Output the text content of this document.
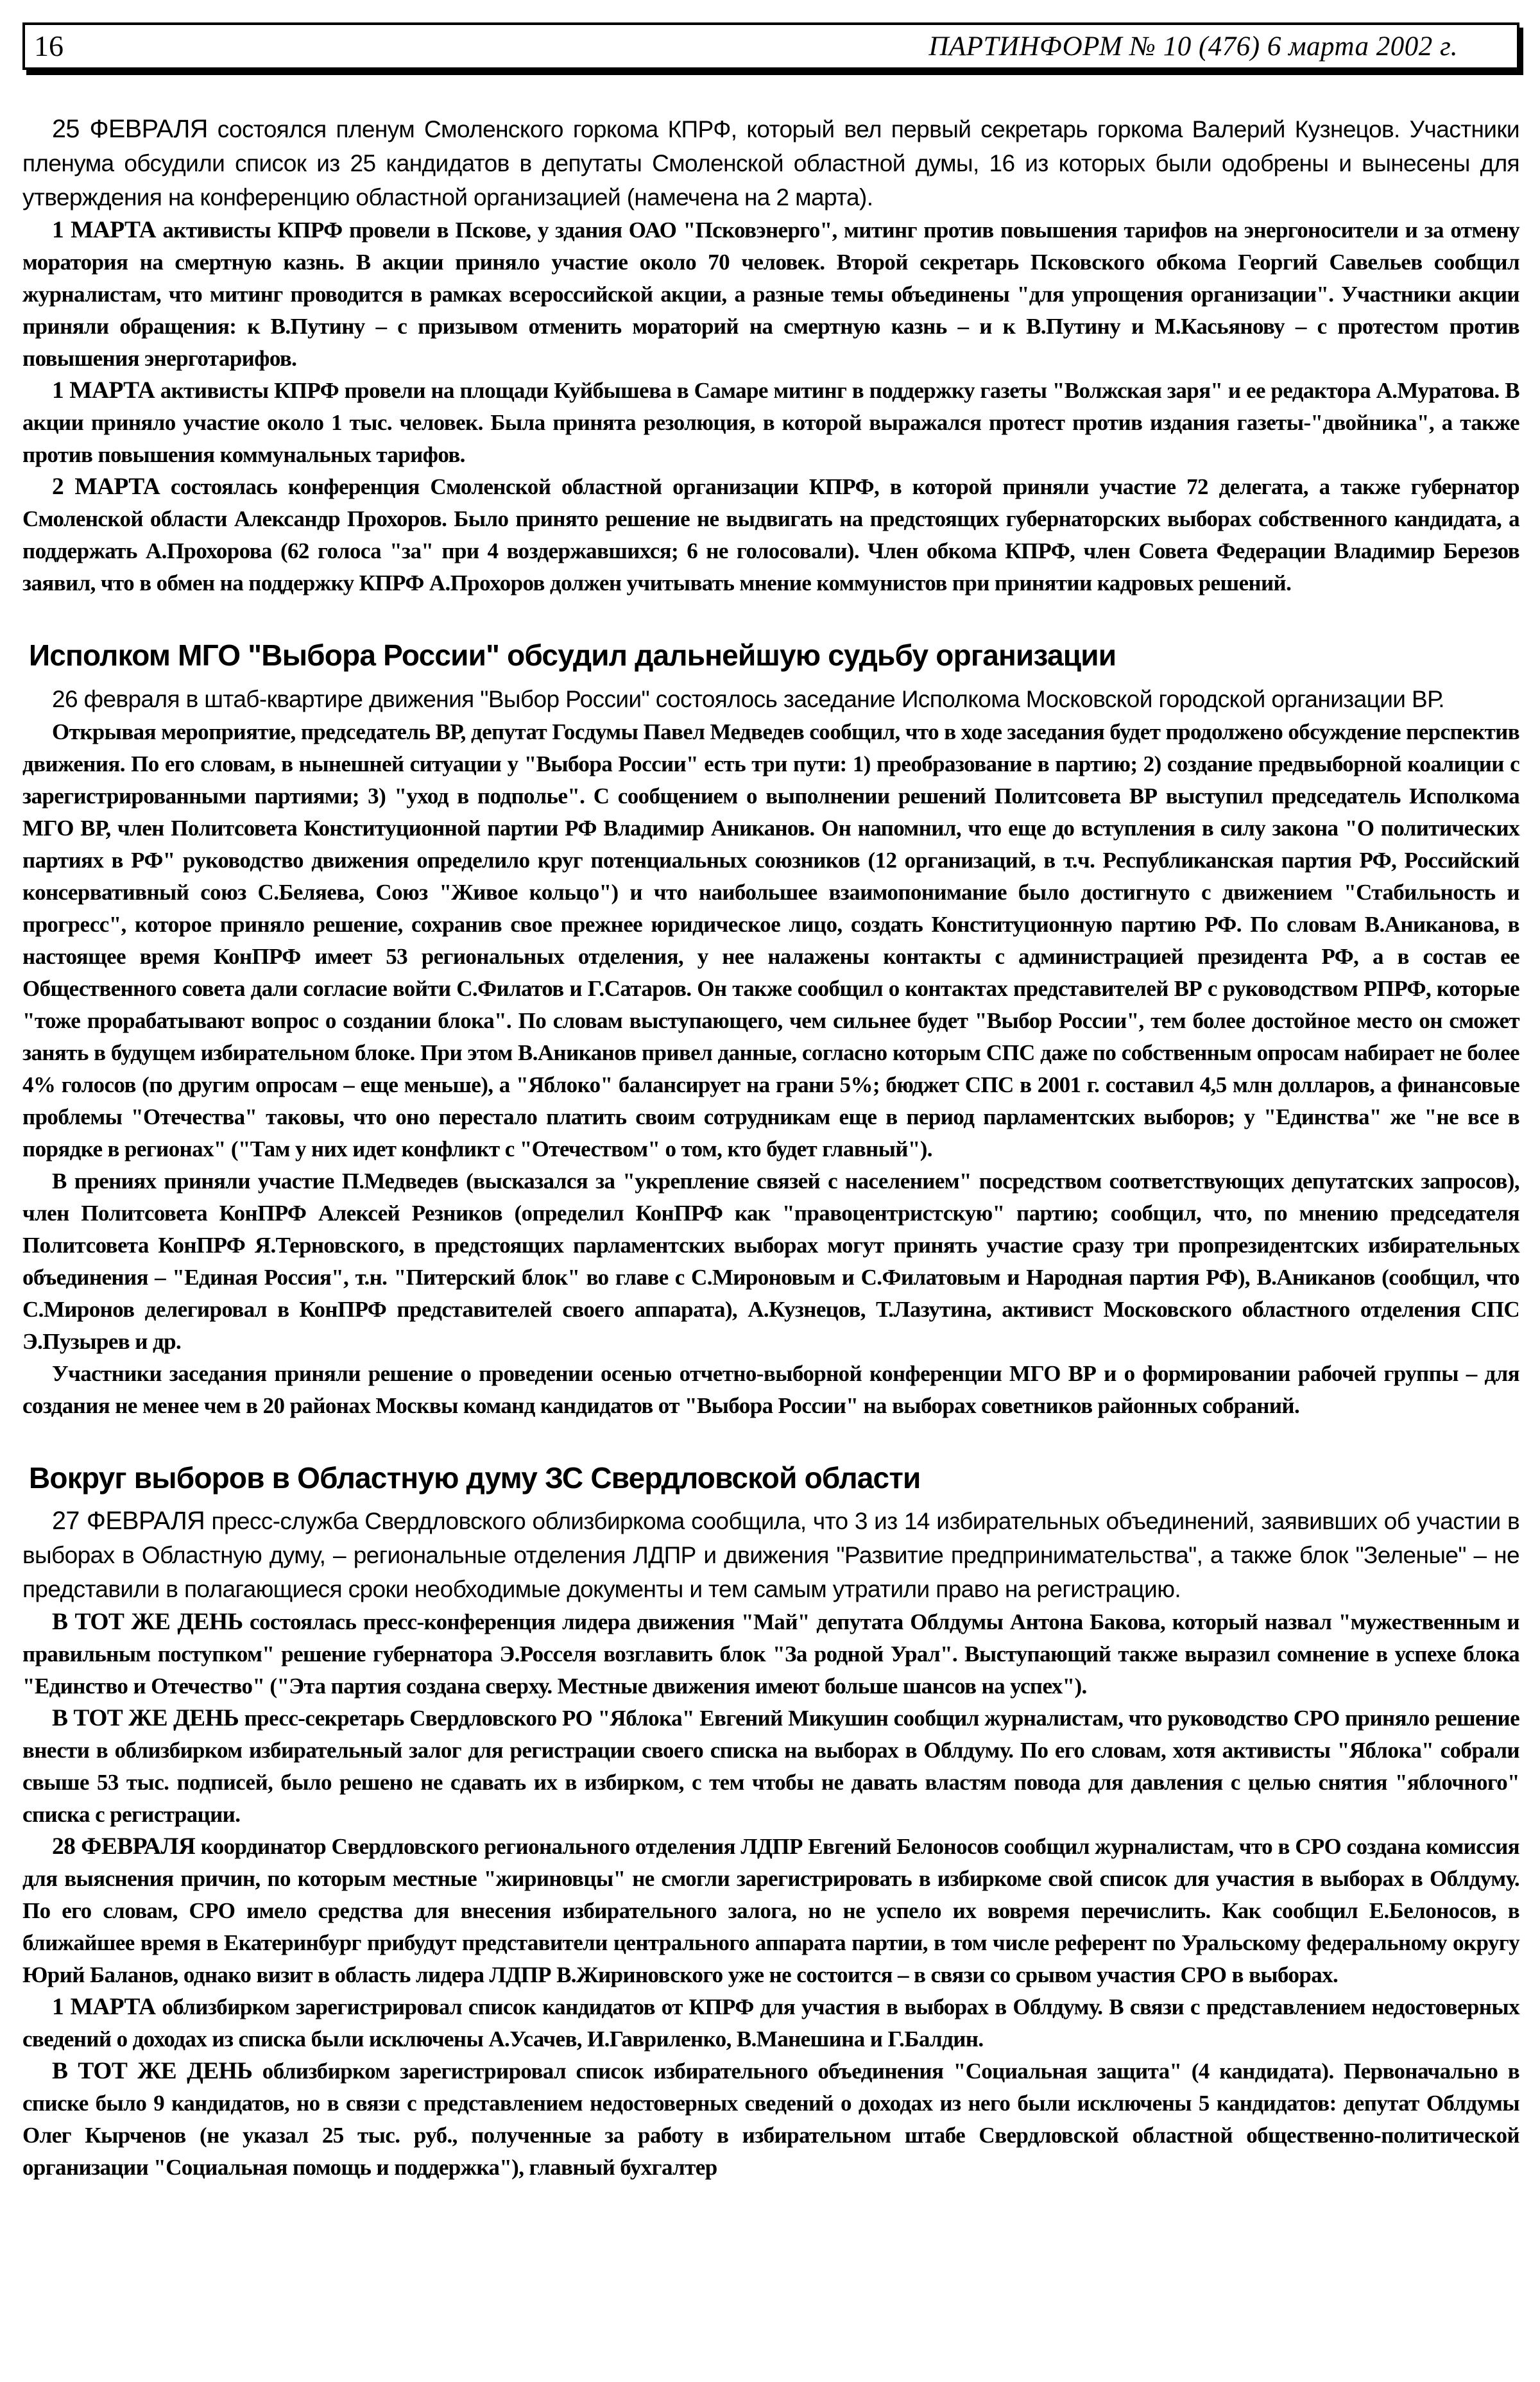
16	ПАРТИНФОРМ № 10 (476) 6 марта 2002 г.

25 ФЕВРАЛЯ состоялся пленум Смоленского горкома КПРФ, который вел первый секретарь горкома Валерий Кузнецов. Участники пленума обсудили список из 25 кандидатов в депутаты Смоленской областной думы, 16 из которых были одобрены и вынесены для утверждения на конференцию областной организацией (намечена на 2 марта).

1 МАРТА активисты КПРФ провели в Пскове, у здания ОАО "Псковэнерго", митинг против повышения тарифов на энергоносители и за отмену моратория на смертную казнь. В акции приняло участие около 70 человек. Второй секретарь Псковского обкома Георгий Савельев сообщил журналистам, что митинг проводится в рамках всероссийской акции, а разные темы объединены "для упрощения организации". Участники акции приняли обращения: к В.Путину – с призывом отменить мораторий на смертную казнь – и к В.Путину и М.Касьянову – с протестом против повышения энерготарифов.

1 МАРТА активисты КПРФ провели на площади Куйбышева в Самаре митинг в поддержку газеты "Волжская заря" и ее редактора А.Муратова. В акции приняло участие около 1 тыс. человек. Была принята резолюция, в которой выражался протест против издания газеты-"двойника", а также против повышения коммунальных тарифов.

2 МАРТА состоялась конференция Смоленской областной организации КПРФ, в которой приняли участие 72 делегата, а также губернатор Смоленской области Александр Прохоров. Было принято решение не выдвигать на предстоящих губернаторских выборах собственного кандидата, а поддержать А.Прохорова (62 голоса "за" при 4 воздержавшихся; 6 не голосовали). Член обкома КПРФ, член Совета Федерации Владимир Березов заявил, что в обмен на поддержку КПРФ А.Прохоров должен учитывать мнение коммунистов при принятии кадровых решений.

Исполком МГО "Выбора России" обсудил дальнейшую судьбу организации

26 февраля в штаб-квартире движения "Выбор России" состоялось заседание Исполкома Московской городской организации ВР.

Открывая мероприятие, председатель ВР, депутат Госдумы Павел Медведев сообщил, что в ходе заседания будет продолжено обсуждение перспектив движения. По его словам, в нынешней ситуации у "Выбора России" есть три пути: 1) преобразование в партию; 2) создание предвыборной коалиции с зарегистрированными партиями; 3) "уход в подполье". С сообщением о выполнении решений Политсовета ВР выступил председатель Исполкома МГО ВР, член Политсовета Конституционной партии РФ Владимир Аниканов. Он напомнил, что еще до вступления в силу закона "О политических партиях в РФ" руководство движения определило круг потенциальных союзников (12 организаций, в т.ч. Республиканская партия РФ, Российский консервативный союз С.Беляева, Союз "Живое кольцо") и что наибольшее взаимопонимание было достигнуто с движением "Стабильность и прогресс", которое приняло решение, сохранив свое прежнее юридическое лицо, создать Конституционную партию РФ. По словам В.Аниканова, в настоящее время КонПРФ имеет 53 региональных отделения, у нее налажены контакты с администрацией президента РФ, а в состав ее Общественного совета дали согласие войти С.Филатов и Г.Сатаров. Он также сообщил о контактах представителей ВР с руководством РПРФ, которые "тоже прорабатывают вопрос о создании блока". По словам выступающего, чем сильнее будет "Выбор России", тем более достойное место он сможет занять в будущем избирательном блоке. При этом В.Аниканов привел данные, согласно которым СПС даже по собственным опросам набирает не более 4% голосов (по другим опросам – еще меньше), а "Яблоко" балансирует на грани 5%; бюджет СПС в 2001 г. составил 4,5 млн долларов, а финансовые проблемы "Отечества" таковы, что оно перестало платить своим сотрудникам еще в период парламентских выборов; у "Единства" же "не все в порядке в регионах" ("Там у них идет конфликт с "Отечеством" о том, кто будет главный").

В прениях приняли участие П.Медведев (высказался за "укрепление связей с населением" посредством соответствующих депутатских запросов), член Политсовета КонПРФ Алексей Резников (определил КонПРФ как "правоцентристскую" партию; сообщил, что, по мнению председателя Политсовета КонПРФ Я.Терновского, в предстоящих парламентских выборах могут принять участие сразу три пропрезидентских избирательных объединения – "Единая Россия", т.н. "Питерский блок" во главе с С.Мироновым и С.Филатовым и Народная партия РФ), В.Аниканов (сообщил, что С.Миронов делегировал в КонПРФ представителей своего аппарата), А.Кузнецов, Т.Лазутина, активист Московского областного отделения СПС Э.Пузырев и др.

Участники заседания приняли решение о проведении осенью отчетно-выборной конференции МГО ВР и о формировании рабочей группы – для создания не менее чем в 20 районах Москвы команд кандидатов от "Выбора России" на выборах советников районных собраний.

Вокруг выборов в Областную думу ЗС Свердловской области

27 ФЕВРАЛЯ пресс-служба Свердловского облизбиркома сообщила, что 3 из 14 избирательных объединений, заявивших об участии в выборах в Областную думу, – региональные отделения ЛДПР и движения "Развитие предпринимательства", а также блок "Зеленые" – не представили в полагающиеся сроки необходимые документы и тем самым утратили право на регистрацию.

В ТОТ ЖЕ ДЕНЬ состоялась пресс-конференция лидера движения "Май" депутата Облдумы Антона Бакова, который назвал "мужественным и правильным поступком" решение губернатора Э.Росселя возглавить блок "За родной Урал". Выступающий также выразил сомнение в успехе блока "Единство и Отечество" ("Эта партия создана сверху. Местные движения имеют больше шансов на успех").

В ТОТ ЖЕ ДЕНЬ пресс-секретарь Свердловского РО "Яблока" Евгений Микушин сообщил журналистам, что руководство СРО приняло решение внести в облизбирком избирательный залог для регистрации своего списка на выборах в Облдуму. По его словам, хотя активисты "Яблока" собрали свыше 53 тыс. подписей, было решено не сдавать их в избирком, с тем чтобы не давать властям повода для давления с целью снятия "яблочного" списка с регистрации.

28 ФЕВРАЛЯ координатор Свердловского регионального отделения ЛДПР Евгений Белоносов сообщил журналистам, что в СРО создана комиссия для выяснения причин, по которым местные "жириновцы" не смогли зарегистрировать в избиркоме свой список для участия в выборах в Облдуму. По его словам, СРО имело средства для внесения избирательного залога, но не успело их вовремя перечислить. Как сообщил Е.Белоносов, в ближайшее время в Екатеринбург прибудут представители центрального аппарата партии, в том числе референт по Уральскому федеральному округу Юрий Баланов, однако визит в область лидера ЛДПР В.Жириновского уже не состоится – в связи со срывом участия СРО в выборах.

1 МАРТА облизбирком зарегистрировал список кандидатов от КПРФ для участия в выборах в Облдуму. В связи с представлением недостоверных сведений о доходах из списка были исключены А.Усачев, И.Гавриленко, В.Манешина и Г.Балдин.

В ТОТ ЖЕ ДЕНЬ облизбирком зарегистрировал список избирательного объединения "Социальная защита" (4 кандидата). Первоначально в списке было 9 кандидатов, но в связи с представлением недостоверных сведений о доходах из него были исключены 5 кандидатов: депутат Облдумы Олег Кырченов (не указал 25 тыс. руб., полученные за работу в избирательном штабе Свердловской областной общественно-политической организации "Социальная помощь и поддержка"), главный бухгалтер
